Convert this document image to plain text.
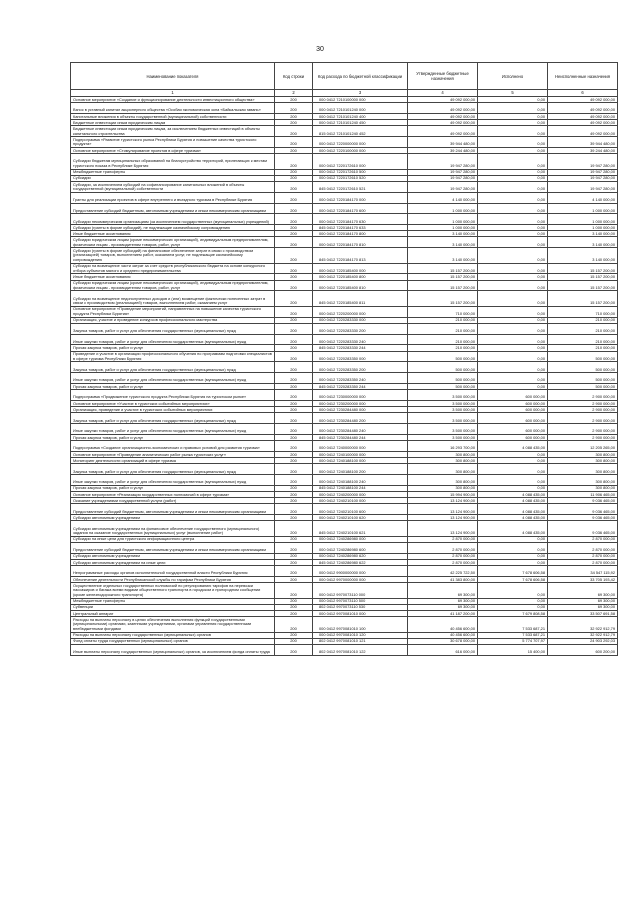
30
Наименование показателя	Код строки	Код расхода по бюджетной классификации	Утвержденные бюджетные назначения	Исполнено	Неисполненные назначения
1	2	3	4	5	6
Основное мероприятие «Создание и функционирование деятельности инвестиционного общества»	200	000 0412 7210100000 000	49 092 000,00	0,00	49 092 000,00
Взнос в уставный капитал акционерного общества «Особая экономическая зона «Байкальская гавань»	200	000 0412 7210101240 000	49 092 000,00	0,00	49 092 000,00
Капитальные вложения в объекты государственной (муниципальной) собственности	200	000 0412 7210101240 400	49 092 000,00	0,00	49 092 000,00
Бюджетные инвестиции иным юридическим лицам	200	000 0412 7210101240 450	49 092 000,00	0,00	49 092 000,00
Бюджетные инвестиции иным юридическим лицам, за исключением бюджетных инвестиций в объекты капитального строительства	200	815 0412 7210101240 452	49 092 000,00	0,00	49 092 000,00
Подпрограмма «Развитие туристского рынка Республики Бурятия и повышение качества туристского продукта»	200	000 0412 7220000000 000	39 944 480,00	0,00	39 944 480,00
Основное мероприятие «Стимулирование проектов в сфере туризма»	200	000 0412 7220100000 000	39 244 480,00	0,00	39 244 480,00
Субсидии бюджетам муниципальных образований на благоустройство территорий, прилегающих к местам туристского показа в Республике Бурятия	200	000 0412 7220172610 000	19 947 280,00	0,00	19 947 280,00
Межбюджетные трансферты	200	000 0412 7220172610 500	19 947 280,00	0,00	19 947 280,00
Субсидии	200	000 0412 7220172610 520	19 947 280,00	0,00	19 947 280,00
Субсидии, за исключением субсидий на софинансирование капитальных вложений в объекты государственной (муниципальной) собственности	200	845 0412 7220172610 521	19 947 280,00	0,00	19 947 280,00
Гранты для реализации проектов в сфере внутреннего и въездного туризма в Республике Бурятия	200	000 0412 7220184170 000	4 140 000,00	0,00	4 140 000,00
Предоставление субсидий бюджетным, автономным учреждениям и иным некоммерческим организациям	200	000 0412 7220184170 600	1 000 000,00	0,00	1 000 000,00
Субсидии некоммерческим организациям (за исключением государственных (муниципальных) учреждений)	200	000 0412 7220184170 630	1 000 000,00	0,00	1 000 000,00
Субсидии (гранты в форме субсидий), не подлежащие казначейскому сопровождению	200	845 0412 7220184170 633	1 000 000,00	0,00	1 000 000,00
Иные бюджетные ассигнования	200	000 0412 7220184170 800	3 140 000,00	0,00	3 140 000,00
Субсидии юридическим лицам (кроме некоммерческих организаций), индивидуальным предпринимателям, физическим лицам - производителям товаров, работ, услуг	200	000 0412 7220184170 810	3 140 000,00	0,00	3 140 000,00
Субсидии (гранты в форме субсидий) на финансовое обеспечение затрат в связи с производством (реализацией) товаров, выполнением работ, оказанием услуг, не подлежащие казначейскому сопровождению	200	845 0412 7220184170 813	3 140 000,00	0,00	3 140 000,00
Субсидии на возмещение части затрат за счет средств республиканского бюджета на основе конкурсного отбора субъектов малого и среднего предпринимательства	200	000 0412 7220185400 000	15 157 200,00	0,00	15 157 200,00
Иные бюджетные ассигнования	200	000 0412 7220185400 800	15 157 200,00	0,00	15 157 200,00
Субсидии юридическим лицам (кроме некоммерческих организаций), индивидуальным предпринимателям, физическим лицам - производителям товаров, работ, услуг	200	000 0412 7220185400 810	15 157 200,00	0,00	15 157 200,00
Субсидии на возмещение недополученных доходов и (или) возмещение фактически понесенных затрат в связи с производством (реализацией) товаров, выполнением работ, оказанием услуг	200	845 0412 7220185400 811	15 157 200,00	0,00	15 157 200,00
Основное мероприятие «Проведение мероприятий, направленных на повышение качества туристского продукта Республики Бурятия»	200	000 0412 7220200000 000	710 000,00	0,00	710 000,00
Организация, участие и проведение конкурсов профессионального мастерства	200	000 0412 7220283330 000	210 000,00	0,00	210 000,00
Закупка товаров, работ и услуг для обеспечения государственных (муниципальных) нужд	200	000 0412 7220283330 200	210 000,00	0,00	210 000,00
Иные закупки товаров, работ и услуг для обеспечения государственных (муниципальных) нужд	200	000 0412 7220283330 240	210 000,00	0,00	210 000,00
Прочая закупка товаров, работ и услуг	200	845 0412 7220283330 244	210 000,00	0,00	210 000,00
Проведение и участие в организации профессионального обучения по программам подготовки специалистов в сфере туризма Республики Бурятия	200	000 0412 7220283350 000	500 000,00	0,00	500 000,00
Закупка товаров, работ и услуг для обеспечения государственных (муниципальных) нужд	200	000 0412 7220283350 200	500 000,00	0,00	500 000,00
Иные закупки товаров, работ и услуг для обеспечения государственных (муниципальных) нужд	200	000 0412 7220283350 240	500 000,00	0,00	500 000,00
Прочая закупка товаров, работ и услуг	200	845 0412 7220283350 244	500 000,00	0,00	500 000,00
Подпрограмма «Продвижение туристского продукта Республики Бурятия на туристском рынке»	200	000 0412 7230000000 000	3 500 000,00	600 000,00	2 900 000,00
Основное мероприятие «Участие в туристских событийных мероприятиях»	200	000 0412 7230200000 000	3 500 000,00	600 000,00	2 900 000,00
Организация, проведение и участие в туристских событийных мероприятиях	200	000 0412 7230284480 000	3 500 000,00	600 000,00	2 900 000,00
Закупка товаров, работ и услуг для обеспечения государственных (муниципальных) нужд	200	000 0412 7230284480 200	3 500 000,00	600 000,00	2 900 000,00
Иные закупки товаров, работ и услуг для обеспечения государственных (муниципальных) нужд	200	000 0412 7230284480 240	3 500 000,00	600 000,00	2 900 000,00
Прочая закупка товаров, работ и услуг	200	845 0412 7230284480 244	3 500 000,00	600 000,00	2 900 000,00
Подпрограмма «Создание организационно-экономических и правовых условий для развития туризма»	200	000 0412 7240000000 000	16 293 700,00	4 088 435,00	12 205 265,00
Основное мероприятие «Проведение аналитических работ рынка туристских услуг»	200	000 0412 7240100000 000	300 800,00	0,00	300 800,00
Мониторинг деятельности организаций в сфере туризма	200	000 0412 7240188100 000	300 800,00	0,00	300 800,00
Закупка товаров, работ и услуг для обеспечения государственных (муниципальных) нужд	200	000 0412 7240188100 200	300 800,00	0,00	300 800,00
Иные закупки товаров, работ и услуг для обеспечения государственных (муниципальных) нужд	200	000 0412 7240188100 240	300 800,00	0,00	300 800,00
Прочая закупка товаров, работ и услуг	200	845 0412 7240188100 244	300 800,00	0,00	300 800,00
Основное мероприятие «Реализация государственных полномочий в сфере туризма»	200	000 0412 7240200000 000	15 994 900,00	4 088 435,00	11 906 465,00
Оказание учреждениями государственной услуги (работ)	200	000 0412 7240210100 000	13 124 900,00	4 088 435,00	9 036 465,00
Предоставление субсидий бюджетным, автономным учреждениям и иным некоммерческим организациям	200	000 0412 7240210100 600	13 124 900,00	4 088 435,00	9 036 465,00
Субсидии автономным учреждениям	200	000 0412 7240210100 620	13 124 900,00	4 088 435,00	9 036 465,00
Субсидии автономным учреждениям на финансовое обеспечение государственного (муниципального) задания на оказание государственных (муниципальных) услуг (выполнение работ)	200	845 0412 7240210100 621	13 124 900,00	4 088 435,00	9 036 465,00
Субсидии на иные цели для туристского информационного центра	200	000 0412 7240286980 000	2 870 000,00	0,00	2 870 000,00
Предоставление субсидий бюджетным, автономным учреждениям и иным некоммерческим организациям	200	000 0412 7240286980 600	2 870 000,00	0,00	2 870 000,00
Субсидии автономным учреждениям	200	000 0412 7240286980 620	2 870 000,00	0,00	2 870 000,00
Субсидии автономным учреждениям на иные цели	200	845 0412 7240286980 622	2 870 000,00	0,00	2 870 000,00
Непрограммные расходы органов исполнительной государственной власти Республики Бурятия	200	000 0412 9900000000 000	42 225 722,50	7 678 606,58	34 547 115,92
Обеспечение деятельности Республиканской службы по тарифам Республики Бурятия	200	000 0412 9970000000 000	41 383 800,00	7 678 606,58	33 705 193,42
Осуществление отдельных государственных полномочий по регулированию тарифов на перевозки пассажиров и багажа всеми видами общественного транспорта в городском и пригородном сообщении (кроме железнодорожного транспорта)	200	000 0412 9970073110 000	69 300,00	0,00	69 300,00
Межбюджетные трансферты	200	000 0412 9970073110 500	69 300,00	0,00	69 300,00
Субвенции	200	802 0412 9970073110 530	69 300,00	0,00	69 300,00
Центральный аппарат	200	000 0412 9970081010 000	41 187 200,00	7 679 808,58	33 507 691,58
Расходы на выплаты персоналу в целях обеспечения выполнения функций государственными (муниципальными) органами, казенными учреждениями, органами управления государственными внебюджетными фондами	200	000 0412 9970081010 100	40 456 600,00	7 533 687,21	32 922 912,79
Расходы на выплаты персоналу государственных (муниципальных) органов	200	000 0412 9970081010 120	40 456 600,00	7 533 687,21	32 922 912,79
Фонд оплаты труда государственных (муниципальных) органов	200	802 0412 9970081010 121	30 678 000,00	5 774 707,97	24 903 292,03
Иные выплаты персоналу государственных (муниципальных) органов, за исключением фонда оплаты труда	200	802 0412 9970081010 122	616 000,00	15 400,00	600 200,00
